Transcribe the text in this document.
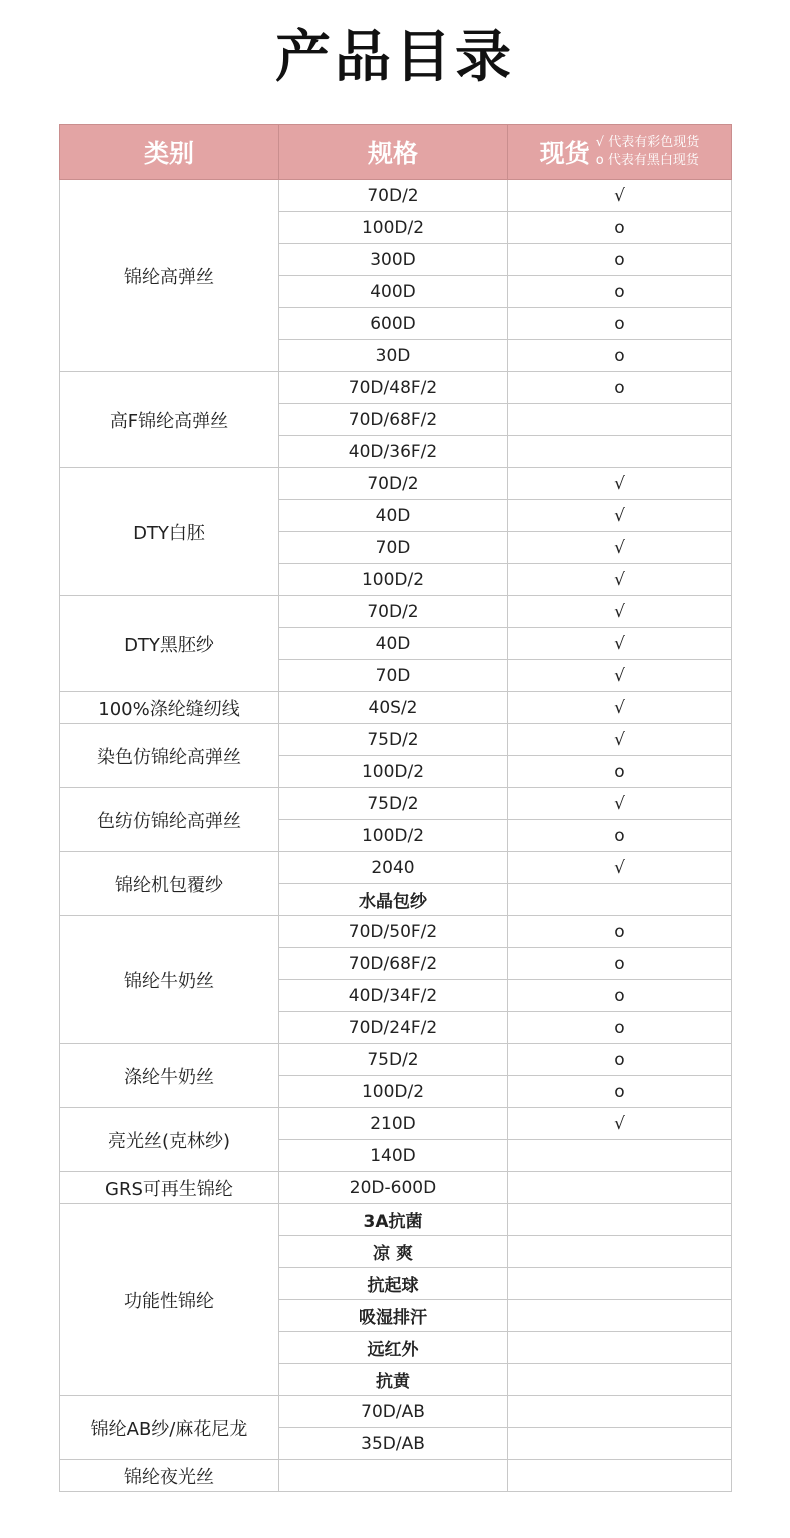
产品目录
类别	规格	现货 √ 代表有彩色现货
o 代表有黑白现货

锦纶高弹丝	70D/2	√
	100D/2	o
	300D	o
	400D	o
	600D	o
	30D	o
高F锦纶高弹丝	70D/48F/2	o
	70D/68F/2	
	40D/36F/2	
DTY白胚	70D/2	√
	40D	√
	70D	√
	100D/2	√
DTY黑胚纱	70D/2	√
	40D	√
	70D	√
100%涤纶缝纫线	40S/2	√
染色仿锦纶高弹丝	75D/2	√
	100D/2	o
色纺仿锦纶高弹丝	75D/2	√
	100D/2	o
锦纶机包覆纱	2040	√
	水晶包纱	
锦纶牛奶丝	70D/50F/2	o
	70D/68F/2	o
	40D/34F/2	o
	70D/24F/2	o
涤纶牛奶丝	75D/2	o
	100D/2	o
亮光丝(克林纱)	210D	√
	140D	
GRS可再生锦纶	20D-600D	
功能性锦纶	3A抗菌	
	凉 爽	
	抗起球	
	吸湿排汗	
	远红外	
	抗黄	
锦纶AB纱/麻花尼龙	70D/AB	
	35D/AB	
锦纶夜光丝		
